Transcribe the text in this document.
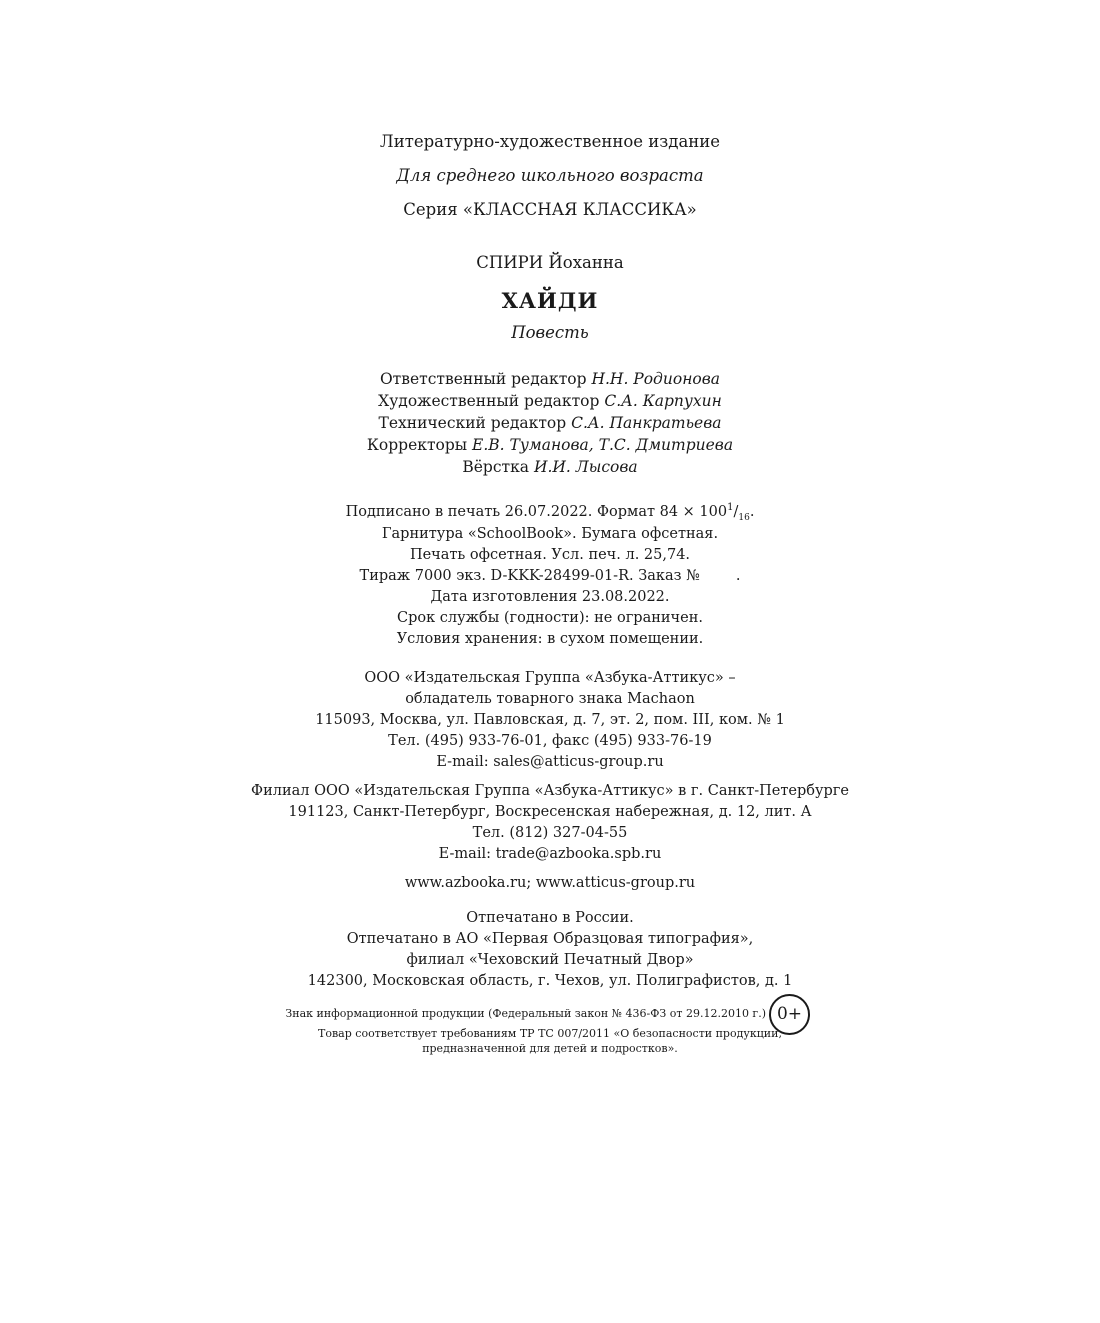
Литературно-художественное издание
Для среднего школьного возраста
Серия «КЛАССНАЯ КЛАССИКА»
СПИРИ Йоханна
ХАЙДИ
Повесть
Ответственный редактор Н.Н. Родионова
Художественный редактор С.А. Карпухин
Технический редактор С.А. Панкратьева
Корректоры Е.В. Туманова, Т.С. Дмитриева
Вёрстка И.И. Лысова
Подписано в печать 26.07.2022. Формат $84 \times 100^1/_{16}$.
Гарнитура «SchoolBook». Бумага офсетная.
Печать офсетная. Усл. печ. л. 25,74.
Тираж 7000 экз. D-KKK-28499-01-R. Заказ № .
Дата изготовления 23.08.2022.
Срок службы (годности): не ограничен.
Условия хранения: в сухом помещении.
ООО «Издательская Группа «Азбука-Аттикус» –
обладатель товарного знака Machaon
115093, Москва, ул. Павловская, д. 7, эт. 2, пом. III, ком. № 1
Тел. (495) 933-76-01, факс (495) 933-76-19
E-mail: sales@atticus-group.ru
Филиал ООО «Издательская Группа «Азбука-Аттикус» в г. Санкт-Петербурге
191123, Санкт-Петербург, Воскресенская набережная, д. 12, лит. А
Тел. (812) 327-04-55
E-mail: trade@azbooka.spb.ru
www.azbooka.ru; www.atticus-group.ru
Отпечатано в России.
Отпечатано в АО «Первая Образцовая типография»,
филиал «Чеховский Печатный Двор»
142300, Московская область, г. Чехов, ул. Полиграфистов, д. 1
Знак информационной продукции (Федеральный закон № 436-ФЗ от 29.12.2010 г.) 0+
Товар соответствует требованиям ТР ТС 007/2011 «О безопасности продукции,
предназначенной для детей и подростков».
